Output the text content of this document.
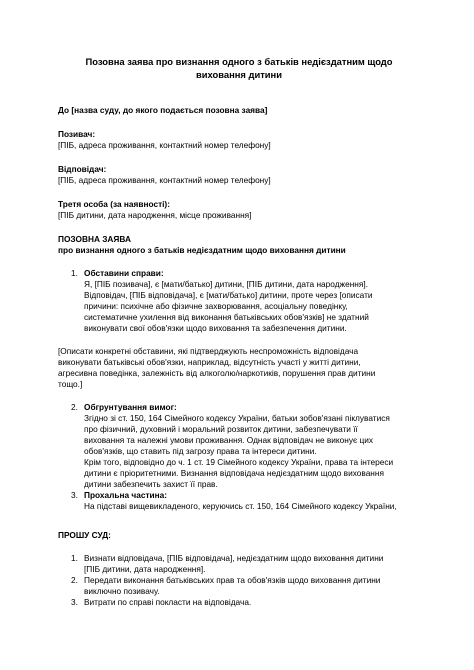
Позовна заява про визнання одного з батьків недієздатним щодо
виховання дитини
До [назва суду, до якого подається позовна заява]
Позивач:
[ПІБ, адреса проживання, контактний номер телефону]
Відповідач:
[ПІБ, адреса проживання, контактний номер телефону]
Третя особа (за наявності):
[ПІБ дитини, дата народження, місце проживання]
ПОЗОВНА ЗАЯВА
про визнання одного з батьків недієздатним щодо виховання дитини
1. Обставини справи:
Я, [ПІБ позивача], є [мати/батько] дитини, [ПІБ дитини, дата народження].
Відповідач, [ПІБ відповідача], є [мати/батько] дитини, проте через [описати
причини: психічне або фізичне захворювання, асоціальну поведінку,
систематичне ухилення від виконання батьківських обов'язків] не здатний
виконувати свої обов'язки щодо виховання та забезпечення дитини.
[Описати конкретні обставини, які підтверджують неспроможність відповідача
виконувати батьківські обов'язки, наприклад, відсутність участі у житті дитини,
агресивна поведінка, залежність від алкоголю/наркотиків, порушення прав дитини
тощо.]
2. Обгрунтування вимог:
Згідно зі ст. 150, 164 Сімейного кодексу України, батьки зобов'язані піклуватися
про фізичний, духовний і моральний розвиток дитини, забезпечувати її
виховання та належні умови проживання. Однак відповідач не виконує цих
обов'язків, що ставить під загрозу права та інтереси дитини.
Крім того, відповідно до ч. 1 ст. 19 Сімейного кодексу України, права та інтереси
дитини є пріоритетними. Визнання відповідача недієздатним щодо виховання
дитини забезпечить захист її прав.
3. Прохальна частина:
На підставі вищевикладеного, керуючись ст. 150, 164 Сімейного кодексу України,
ПРОШУ СУД:
1. Визнати відповідача, [ПІБ відповідача], недієздатним щодо виховання дитини
[ПІБ дитини, дата народження].
2. Передати виконання батьківських прав та обов'язків щодо виховання дитини
виключно позивачу.
3. Витрати по справі покласти на відповідача.
